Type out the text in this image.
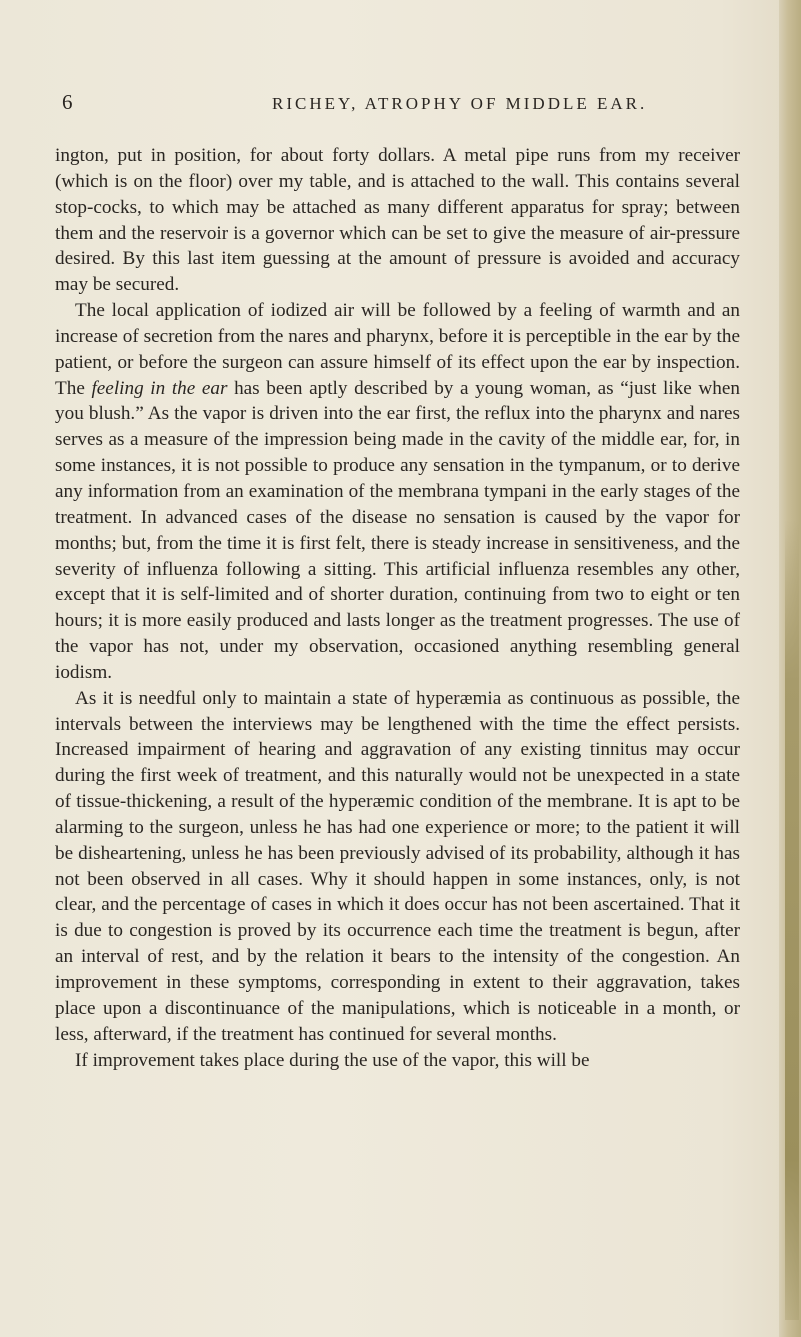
6	RICHEY, ATROPHY OF MIDDLE EAR.

ington, put in position, for about forty dollars. A metal pipe runs from my receiver (which is on the floor) over my table, and is attached to the wall. This contains several stop-cocks, to which may be attached as many different apparatus for spray; between them and the reservoir is a governor which can be set to give the measure of air-pressure desired. By this last item guessing at the amount of pressure is avoided and accuracy may be secured.

The local application of iodized air will be followed by a feeling of warmth and an increase of secretion from the nares and pharynx, before it is perceptible in the ear by the patient, or before the surgeon can assure himself of its effect upon the ear by inspection. The feeling in the ear has been aptly described by a young woman, as “just like when you blush.” As the vapor is driven into the ear first, the reflux into the pharynx and nares serves as a measure of the impression being made in the cavity of the middle ear, for, in some instances, it is not possible to produce any sensation in the tympanum, or to derive any information from an examination of the membrana tympani in the early stages of the treatment. In advanced cases of the disease no sensation is caused by the vapor for months; but, from the time it is first felt, there is steady increase in sensitiveness, and the severity of influenza following a sitting. This artificial influenza resembles any other, except that it is self-limited and of shorter duration, continuing from two to eight or ten hours; it is more easily produced and lasts longer as the treatment progresses. The use of the vapor has not, under my observation, occasioned anything resembling general iodism.

As it is needful only to maintain a state of hyperæmia as continuous as possible, the intervals between the interviews may be lengthened with the time the effect persists. Increased impairment of hearing and aggravation of any existing tinnitus may occur during the first week of treatment, and this naturally would not be unexpected in a state of tissue-thickening, a result of the hyperæmic condition of the membrane. It is apt to be alarming to the surgeon, unless he has had one experience or more; to the patient it will be disheartening, unless he has been previously advised of its probability, although it has not been observed in all cases. Why it should happen in some instances, only, is not clear, and the percentage of cases in which it does occur has not been ascertained. That it is due to congestion is proved by its occurrence each time the treatment is begun, after an interval of rest, and by the relation it bears to the intensity of the congestion. An improvement in these symptoms, corresponding in extent to their aggravation, takes place upon a discontinuance of the manipulations, which is noticeable in a month, or less, afterward, if the treatment has continued for several months.

If improvement takes place during the use of the vapor, this will be
